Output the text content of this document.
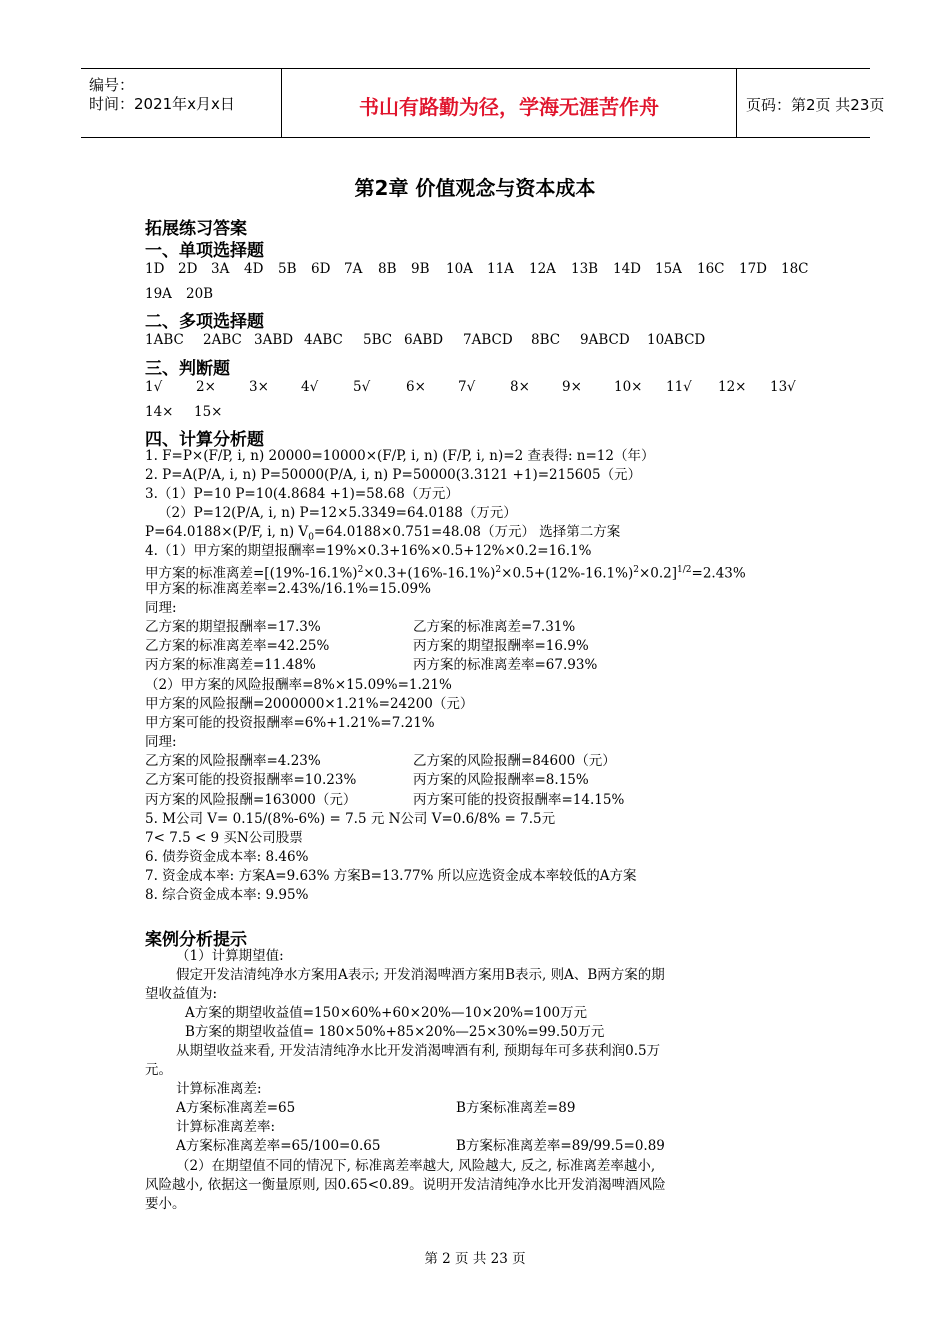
编号：
时间：2021年x月x日	书山有路勤为径，学海无涯苦作舟	页码：第2页 共23页
第2章 价值观念与资本成本
拓展练习答案
一、单项选择题
1D 2D 3A 4D 5B 6D 7A 8B 9B 10A 11A 12A 13B 14D 15A 16C 17D 18C
19A 20B
二、多项选择题
1ABC 2ABC 3ABD 4ABC 5BC 6ABD 7ABCD 8BC 9ABCD 10ABCD
三、判断题
1√	2× 3× 4√	5√	6× 7√	8× 9× 10× 11√ 12× 13√
14× 15×
四、计算分析题
1. F=P×(F/P, i, n) 20000=10000×(F/P, i, n) (F/P, i, n)=2 查表得: n=12（年）
2. P=A(P/A, i, n) P=50000(P/A, i, n) P=50000(3.3121 +1)=215605（元）
3.（1）P=10 P=10(4.8684 +1)=58.68（万元）
（2）P=12(P/A, i, n) P=12×5.3349=64.0188（万元）
P=64.0188×(P/F, i, n) $V_0=64.0188\times 0.751=48.08$（万元） 选择第二方案
4.（1）甲方案的期望报酬率=19%×0.3+16%×0.5+12%×0.2=16.1%
甲方案的标准离差$=[(19\%-16.1\%)^2\times 0.3+(16\%-16.1\%)^2\times 0.5+(12\%-16.1\%)^2\times 0.2]^{1/2}=2.43\%$
甲方案的标准离差率=2.43%/16.1%=15.09%
同理:
乙方案的期望报酬率=17.3%	乙方案的标准离差=7.31%
乙方案的标准离差率=42.25%	丙方案的期望报酬率=16.9%
丙方案的标准离差=11.48%	丙方案的标准离差率=67.93%
（2）甲方案的风险报酬率=8%×15.09%=1.21%
甲方案的风险报酬=2000000×1.21%=24200（元）
甲方案可能的投资报酬率=6%+1.21%=7.21%
同理:
乙方案的风险报酬率=4.23%	乙方案的风险报酬=84600（元）
乙方案可能的投资报酬率=10.23%	丙方案的风险报酬率=8.15%
丙方案的风险报酬=163000（元）	丙方案可能的投资报酬率=14.15%
5. M公司 V= 0.15/(8%-6%) = 7.5 元 N公司 V=0.6/8% = 7.5元
7< 7.5 < 9 买N公司股票
6. 债券资金成本率: 8.46%
7. 资金成本率: 方案A=9.63% 方案B=13.77% 所以应选资金成本率较低的A方案
8. 综合资金成本率: 9.95%
案例分析提示
（1）计算期望值:
假定开发洁清纯净水方案用A表示; 开发消渴啤酒方案用B表示, 则A、B两方案的期
望收益值为:
A方案的期望收益值=150×60%+60×20%—10×20%=100万元
B方案的期望收益值= 180×50%+85×20%—25×30%=99.50万元
从期望收益来看, 开发洁清纯净水比开发消渴啤酒有利, 预期每年可多获利润0.5万
元。
计算标准离差:
A方案标准离差=65	B方案标准离差=89
计算标准离差率:
A方案标准离差率=65/100=0.65	B方案标准离差率=89/99.5=0.89
（2）在期望值不同的情况下, 标准离差率越大, 风险越大, 反之, 标准离差率越小,
风险越小, 依据这一衡量原则, 因0.65<0.89。说明开发洁清纯净水比开发消渴啤酒风险
要小。
第 2 页 共 23 页
